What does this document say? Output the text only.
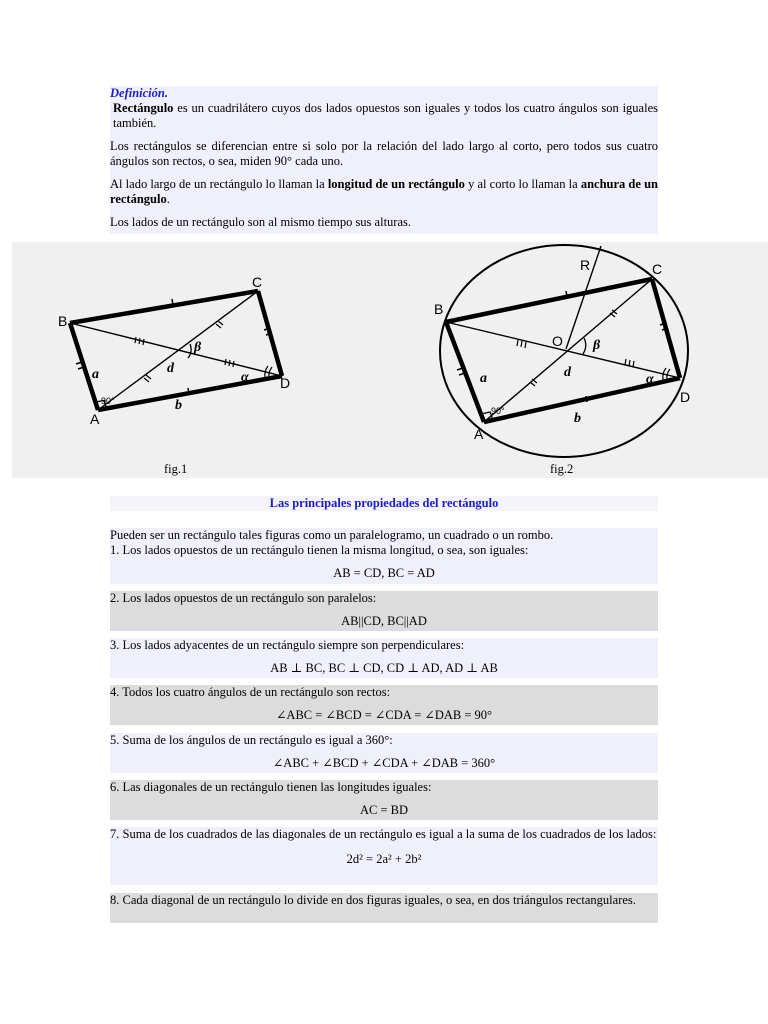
Definición.
Rectángulo es un cuadrilátero cuyos dos lados opuestos son iguales y todos los cuatro ángulos son iguales también.
Los rectángulos se diferencian entre si solo por la relación del lado largo al corto, pero todos sus cuatro ángulos son rectos, o sea, miden 90° cada uno.
Al lado largo de un rectángulo lo llaman la longitud de un rectángulo y al corto lo llaman la anchura de un rectángulo.
Los lados de un rectángulo son al mismo tiempo sus alturas.
A
B
C
D
90°
a
b
d
β
α
fig.1
A
B
C
D
O
R
90°
a
b
d
β
α
fig.2
Las principales propiedades del rectángulo
Pueden ser un rectángulo tales figuras como un paralelogramo, un cuadrado o un rombo.
1. Los lados opuestos de un rectángulo tienen la misma longitud, o sea, son iguales:
AB = CD, BC = AD
2. Los lados opuestos de un rectángulo son paralelos:
AB||CD, BC||AD
3. Los lados adyacentes de un rectángulo siempre son perpendiculares:
AB ⊥ BC, BC ⊥ CD, CD ⊥ AD, AD ⊥ AB
4. Todos los cuatro ángulos de un rectángulo son rectos:
∠ABC = ∠BCD = ∠CDA = ∠DAB = 90°
5. Suma de los ángulos de un rectángulo es igual a 360°:
∠ABC + ∠BCD + ∠CDA + ∠DAB = 360°
6. Las diagonales de un rectángulo tienen las longitudes iguales:
AC = BD
7. Suma de los cuadrados de las diagonales de un rectángulo es igual a la suma de los cuadrados de los lados:
2d² = 2a² + 2b²
8. Cada diagonal de un rectángulo lo divide en dos figuras iguales, o sea, en dos triángulos rectangulares.
